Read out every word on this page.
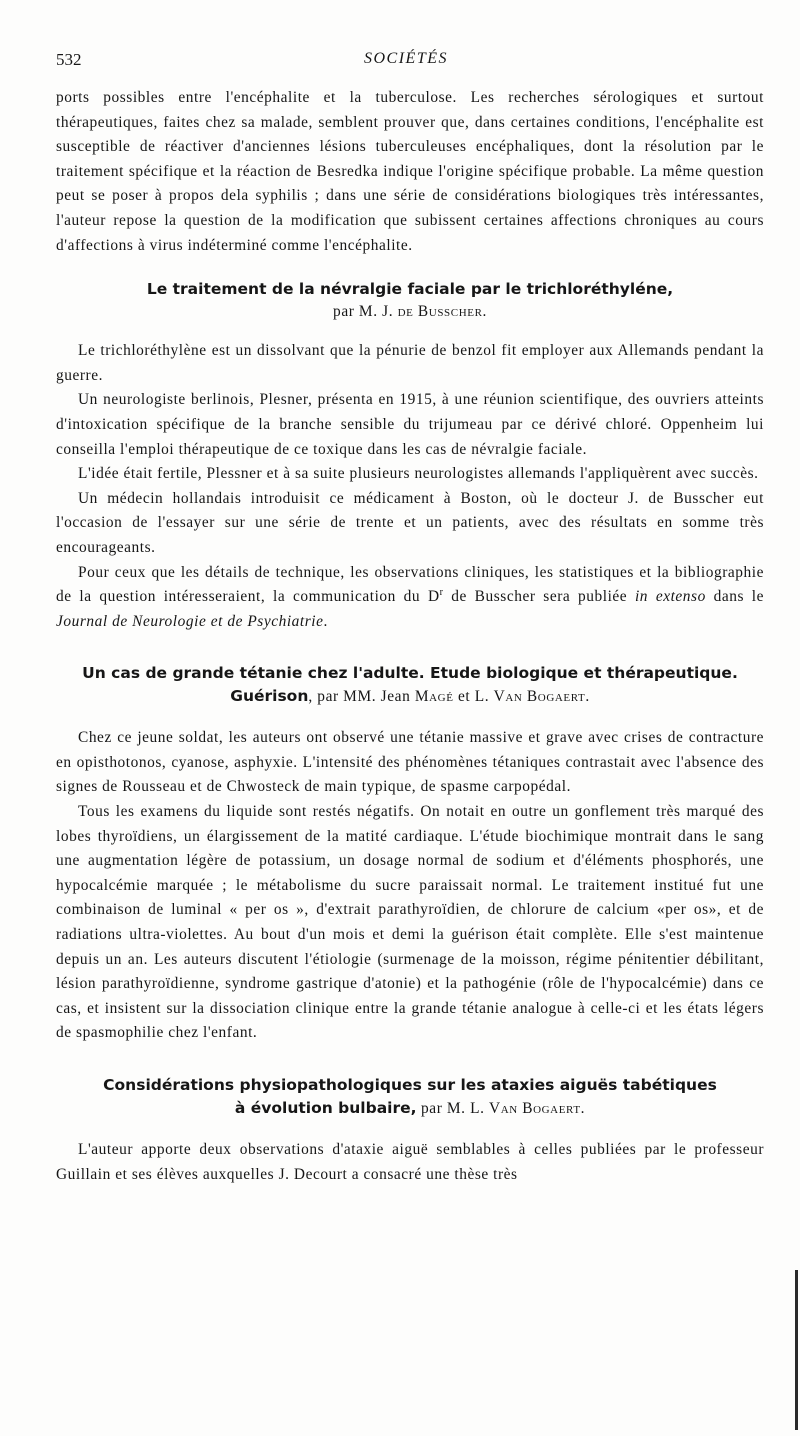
532	SOCIÉTÉS

ports possibles entre l'encéphalite et la tuberculose. Les recherches sérologiques et surtout thérapeutiques, faites chez sa malade, semblent prouver que, dans certaines conditions, l'encéphalite est susceptible de réactiver d'anciennes lésions tuberculeuses encéphaliques, dont la résolution par le traitement spécifique et la réaction de Besredka indique l'origine spécifique probable. La même question peut se poser à propos dela syphilis ; dans une série de considérations biologiques très intéressantes, l'auteur repose la question de la modification que subissent certaines affections chroniques au cours d'affections à virus indéterminé comme l'encéphalite.

Le traitement de la névralgie faciale par le trichloréthyléne,
par M. J. de Busscher.

Le trichloréthylène est un dissolvant que la pénurie de benzol fit employer aux Allemands pendant la guerre.

Un neurologiste berlinois, Plesner, présenta en 1915, à une réunion scientifique, des ouvriers atteints d'intoxication spécifique de la branche sensible du trijumeau par ce dérivé chloré. Oppenheim lui conseilla l'emploi thérapeutique de ce toxique dans les cas de névralgie faciale.

L'idée était fertile, Plessner et à sa suite plusieurs neurologistes allemands l'appliquèrent avec succès.

Un médecin hollandais introduisit ce médicament à Boston, où le docteur J. de Busscher eut l'occasion de l'essayer sur une série de trente et un patients, avec des résultats en somme très encourageants.

Pour ceux que les détails de technique, les observations cliniques, les statistiques et la bibliographie de la question intéresseraient, la communication du $D^r$ de Busscher sera publiée in extenso dans le Journal de Neurologie et de Psychiatrie.

Un cas de grande tétanie chez l'adulte. Etude biologique et thérapeutique.
Guérison, par MM. Jean Magé et L. Van Bogaert.

Chez ce jeune soldat, les auteurs ont observé une tétanie massive et grave avec crises de contracture en opisthotonos, cyanose, asphyxie. L'intensité des phénomènes tétaniques contrastait avec l'absence des signes de Rousseau et de Chwosteck de main typique, de spasme carpopédal.

Tous les examens du liquide sont restés négatifs. On notait en outre un gonflement très marqué des lobes thyroïdiens, un élargissement de la matité cardiaque. L'étude biochimique montrait dans le sang une augmentation légère de potassium, un dosage normal de sodium et d'éléments phosphorés, une hypocalcémie marquée ; le métabolisme du sucre paraissait normal. Le traitement institué fut une combinaison de luminal « per os », d'extrait parathyroïdien, de chlorure de calcium «per os», et de radiations ultra-violettes. Au bout d'un mois et demi la guérison était complète. Elle s'est maintenue depuis un an. Les auteurs discutent l'étiologie (surmenage de la moisson, régime pénitentier débilitant, lésion parathyroïdienne, syndrome gastrique d'atonie) et la pathogénie (rôle de l'hypocalcémie) dans ce cas, et insistent sur la dissociation clinique entre la grande tétanie analogue à celle-ci et les états légers de spasmophilie chez l'enfant.

Considérations physiopathologiques sur les ataxies aiguës tabétiques
à évolution bulbaire, par M. L. Van Bogaert.

L'auteur apporte deux observations d'ataxie aiguë semblables à celles publiées par le professeur Guillain et ses élèves auxquelles J. Decourt a consacré une thèse très
